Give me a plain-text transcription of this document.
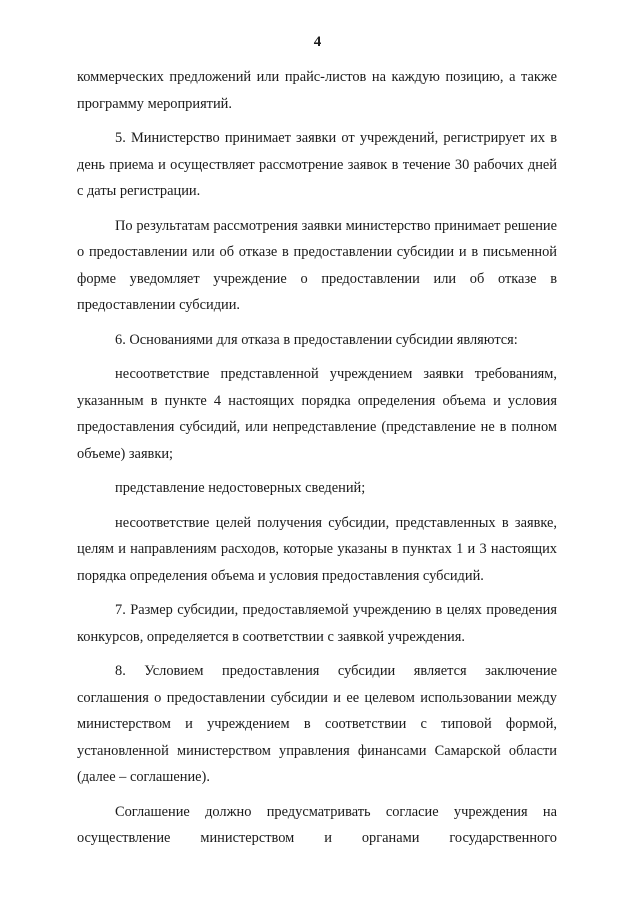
4

коммерческих предложений или прайс-листов на каждую позицию, а также программу мероприятий.

5. Министерство принимает заявки от учреждений, регистрирует их в день приема и осуществляет рассмотрение заявок в течение 30 рабочих дней с даты регистрации.

По результатам рассмотрения заявки министерство принимает решение о предоставлении или об отказе в предоставлении субсидии и в письменной форме уведомляет учреждение о предоставлении или об отказе в предоставлении субсидии.

6. Основаниями для отказа в предоставлении субсидии являются:

несоответствие представленной учреждением заявки требованиям, указанным в пункте 4 настоящих порядка определения объема и условия предоставления субсидий, или непредставление (представление не в полном объеме) заявки;

представление недостоверных сведений;

несоответствие целей получения субсидии, представленных в заявке, целям и направлениям расходов, которые указаны в пунктах 1 и 3 настоящих порядка определения объема и условия предоставления субсидий.

7. Размер субсидии, предоставляемой учреждению в целях проведения конкурсов, определяется в соответствии с заявкой учреждения.

8. Условием предоставления субсидии является заключение соглашения о предоставлении субсидии и ее целевом использовании между министерством и учреждением в соответствии с типовой формой, установленной министерством управления финансами Самарской области (далее – соглашение).

Соглашение должно предусматривать согласие учреждения на осуществление министерством и органами государственного
